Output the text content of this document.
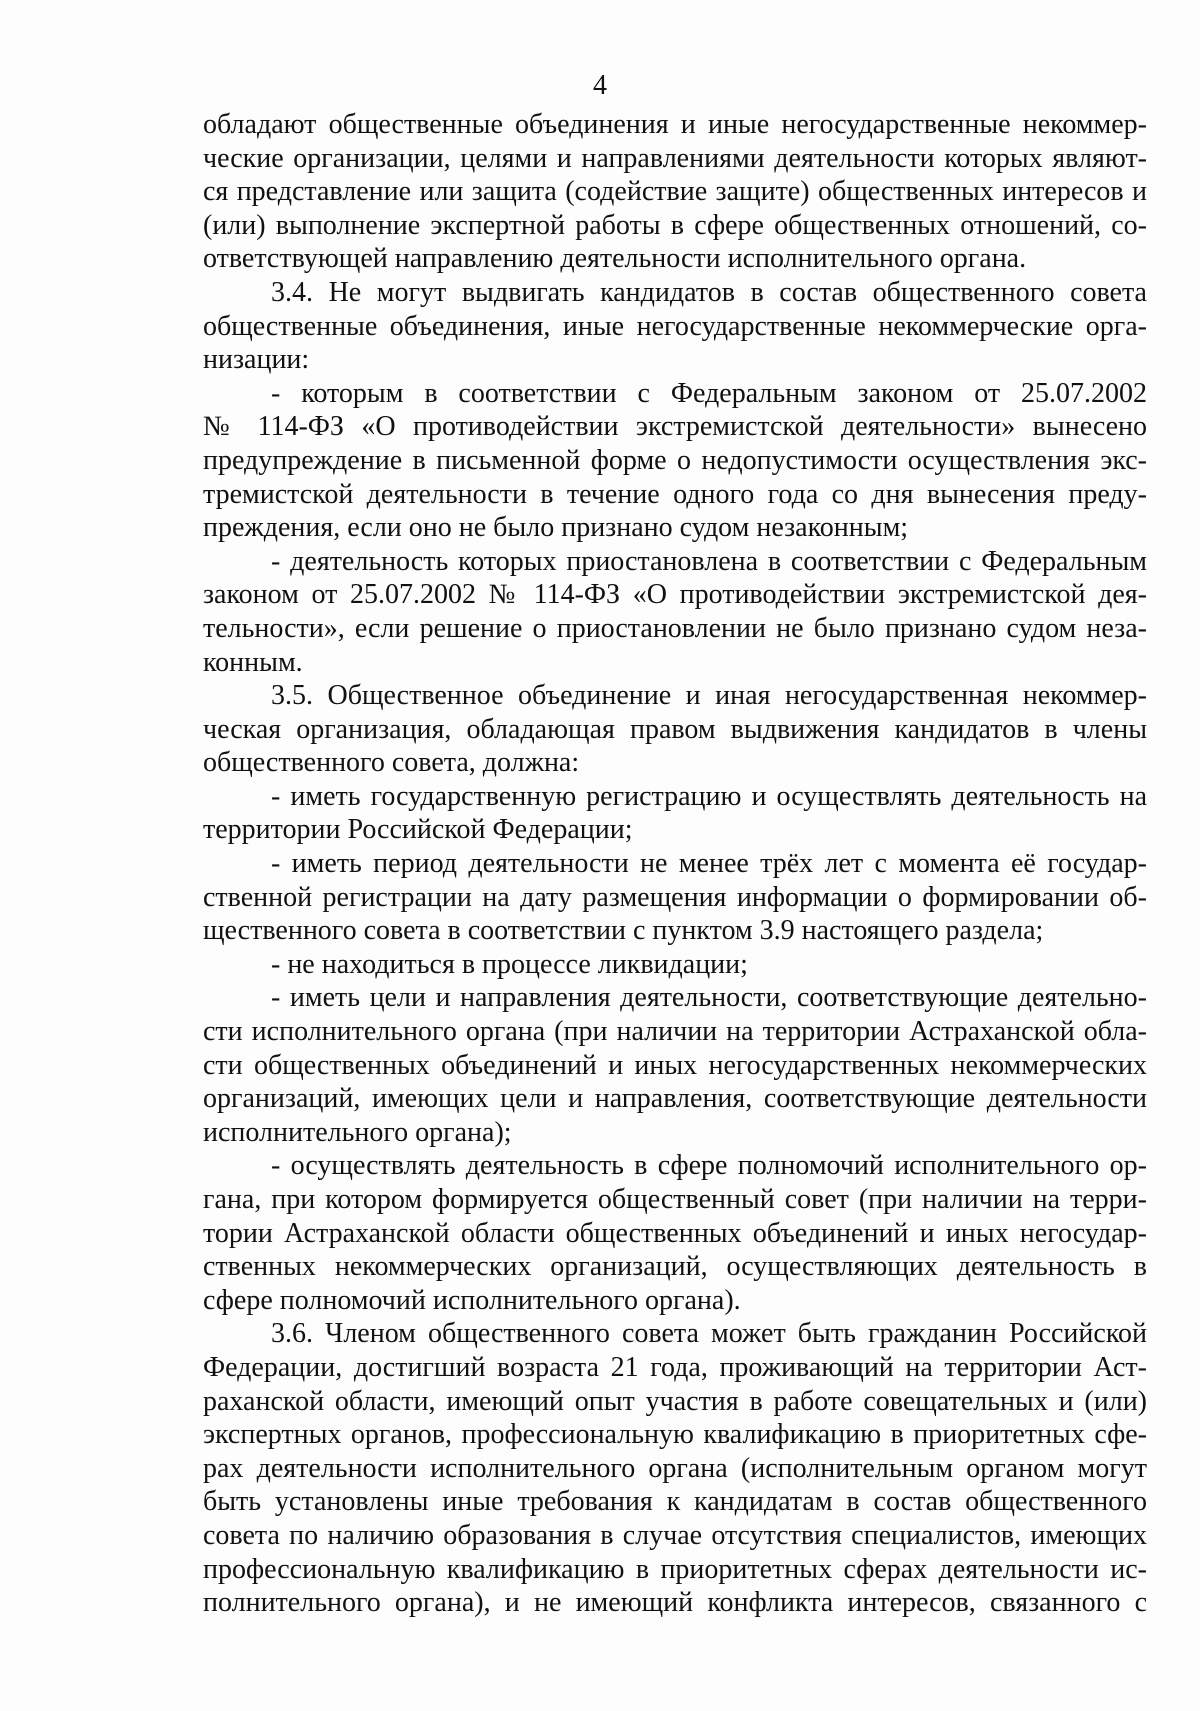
4
обладают общественные объединения и иные негосударственные некоммер-
ческие организации, целями и направлениями деятельности которых являют-
ся представление или защита (содействие защите) общественных интересов и
(или) выполнение экспертной работы в сфере общественных отношений, со-
ответствующей направлению деятельности исполнительного органа.
3.4. Не могут выдвигать кандидатов в состав общественного совета
общественные объединения, иные негосударственные некоммерческие орга-
низации:
- которым в соответствии с Федеральным законом от 25.07.2002
№ 114-ФЗ «О противодействии экстремистской деятельности» вынесено
предупреждение в письменной форме о недопустимости осуществления экс-
тремистской деятельности в течение одного года со дня вынесения преду-
преждения, если оно не было признано судом незаконным;
- деятельность которых приостановлена в соответствии с Федеральным
законом от 25.07.2002 № 114-ФЗ «О противодействии экстремистской дея-
тельности», если решение о приостановлении не было признано судом неза-
конным.
3.5. Общественное объединение и иная негосударственная некоммер-
ческая организация, обладающая правом выдвижения кандидатов в члены
общественного совета, должна:
- иметь государственную регистрацию и осуществлять деятельность на
территории Российской Федерации;
- иметь период деятельности не менее трёх лет с момента её государ-
ственной регистрации на дату размещения информации о формировании об-
щественного совета в соответствии с пунктом 3.9 настоящего раздела;
- не находиться в процессе ликвидации;
- иметь цели и направления деятельности, соответствующие деятельно-
сти исполнительного органа (при наличии на территории Астраханской обла-
сти общественных объединений и иных негосударственных некоммерческих
организаций, имеющих цели и направления, соответствующие деятельности
исполнительного органа);
- осуществлять деятельность в сфере полномочий исполнительного ор-
гана, при котором формируется общественный совет (при наличии на терри-
тории Астраханской области общественных объединений и иных негосудар-
ственных некоммерческих организаций, осуществляющих деятельность в
сфере полномочий исполнительного органа).
3.6. Членом общественного совета может быть гражданин Российской
Федерации, достигший возраста 21 года, проживающий на территории Аст-
раханской области, имеющий опыт участия в работе совещательных и (или)
экспертных органов, профессиональную квалификацию в приоритетных сфе-
рах деятельности исполнительного органа (исполнительным органом могут
быть установлены иные требования к кандидатам в состав общественного
совета по наличию образования в случае отсутствия специалистов, имеющих
профессиональную квалификацию в приоритетных сферах деятельности ис-
полнительного органа), и не имеющий конфликта интересов, связанного с
